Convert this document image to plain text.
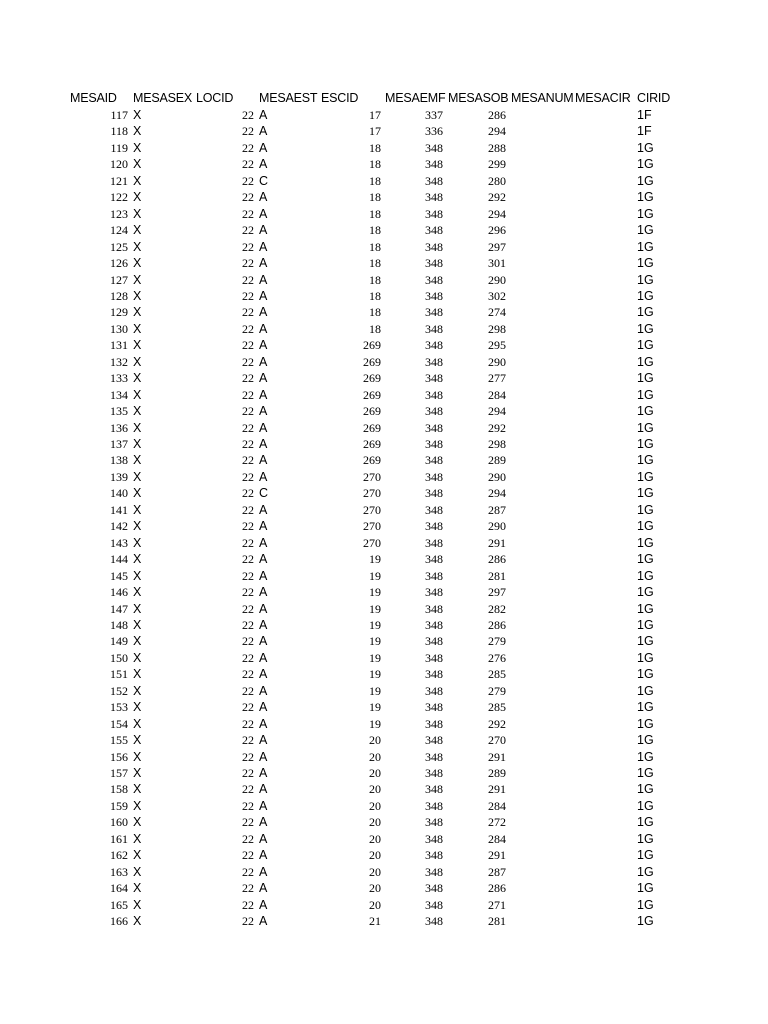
MESAID	MESASEX LOCID	MESAEST ESCID	MESAEMF MESASOB MESANUM MESACIR CIRID
117 X	22 A	17	337	286	1F
118 X	22 A	17	336	294	1F
119 X	22 A	18	348	288	1G
120 X	22 A	18	348	299	1G
121 X	22 C	18	348	280	1G
122 X	22 A	18	348	292	1G
123 X	22 A	18	348	294	1G
124 X	22 A	18	348	296	1G
125 X	22 A	18	348	297	1G
126 X	22 A	18	348	301	1G
127 X	22 A	18	348	290	1G
128 X	22 A	18	348	302	1G
129 X	22 A	18	348	274	1G
130 X	22 A	18	348	298	1G
131 X	22 A	269	348	295	1G
132 X	22 A	269	348	290	1G
133 X	22 A	269	348	277	1G
134 X	22 A	269	348	284	1G
135 X	22 A	269	348	294	1G
136 X	22 A	269	348	292	1G
137 X	22 A	269	348	298	1G
138 X	22 A	269	348	289	1G
139 X	22 A	270	348	290	1G
140 X	22 C	270	348	294	1G
141 X	22 A	270	348	287	1G
142 X	22 A	270	348	290	1G
143 X	22 A	270	348	291	1G
144 X	22 A	19	348	286	1G
145 X	22 A	19	348	281	1G
146 X	22 A	19	348	297	1G
147 X	22 A	19	348	282	1G
148 X	22 A	19	348	286	1G
149 X	22 A	19	348	279	1G
150 X	22 A	19	348	276	1G
151 X	22 A	19	348	285	1G
152 X	22 A	19	348	279	1G
153 X	22 A	19	348	285	1G
154 X	22 A	19	348	292	1G
155 X	22 A	20	348	270	1G
156 X	22 A	20	348	291	1G
157 X	22 A	20	348	289	1G
158 X	22 A	20	348	291	1G
159 X	22 A	20	348	284	1G
160 X	22 A	20	348	272	1G
161 X	22 A	20	348	284	1G
162 X	22 A	20	348	291	1G
163 X	22 A	20	348	287	1G
164 X	22 A	20	348	286	1G
165 X	22 A	20	348	271	1G
166 X	22 A	21	348	281	1G
